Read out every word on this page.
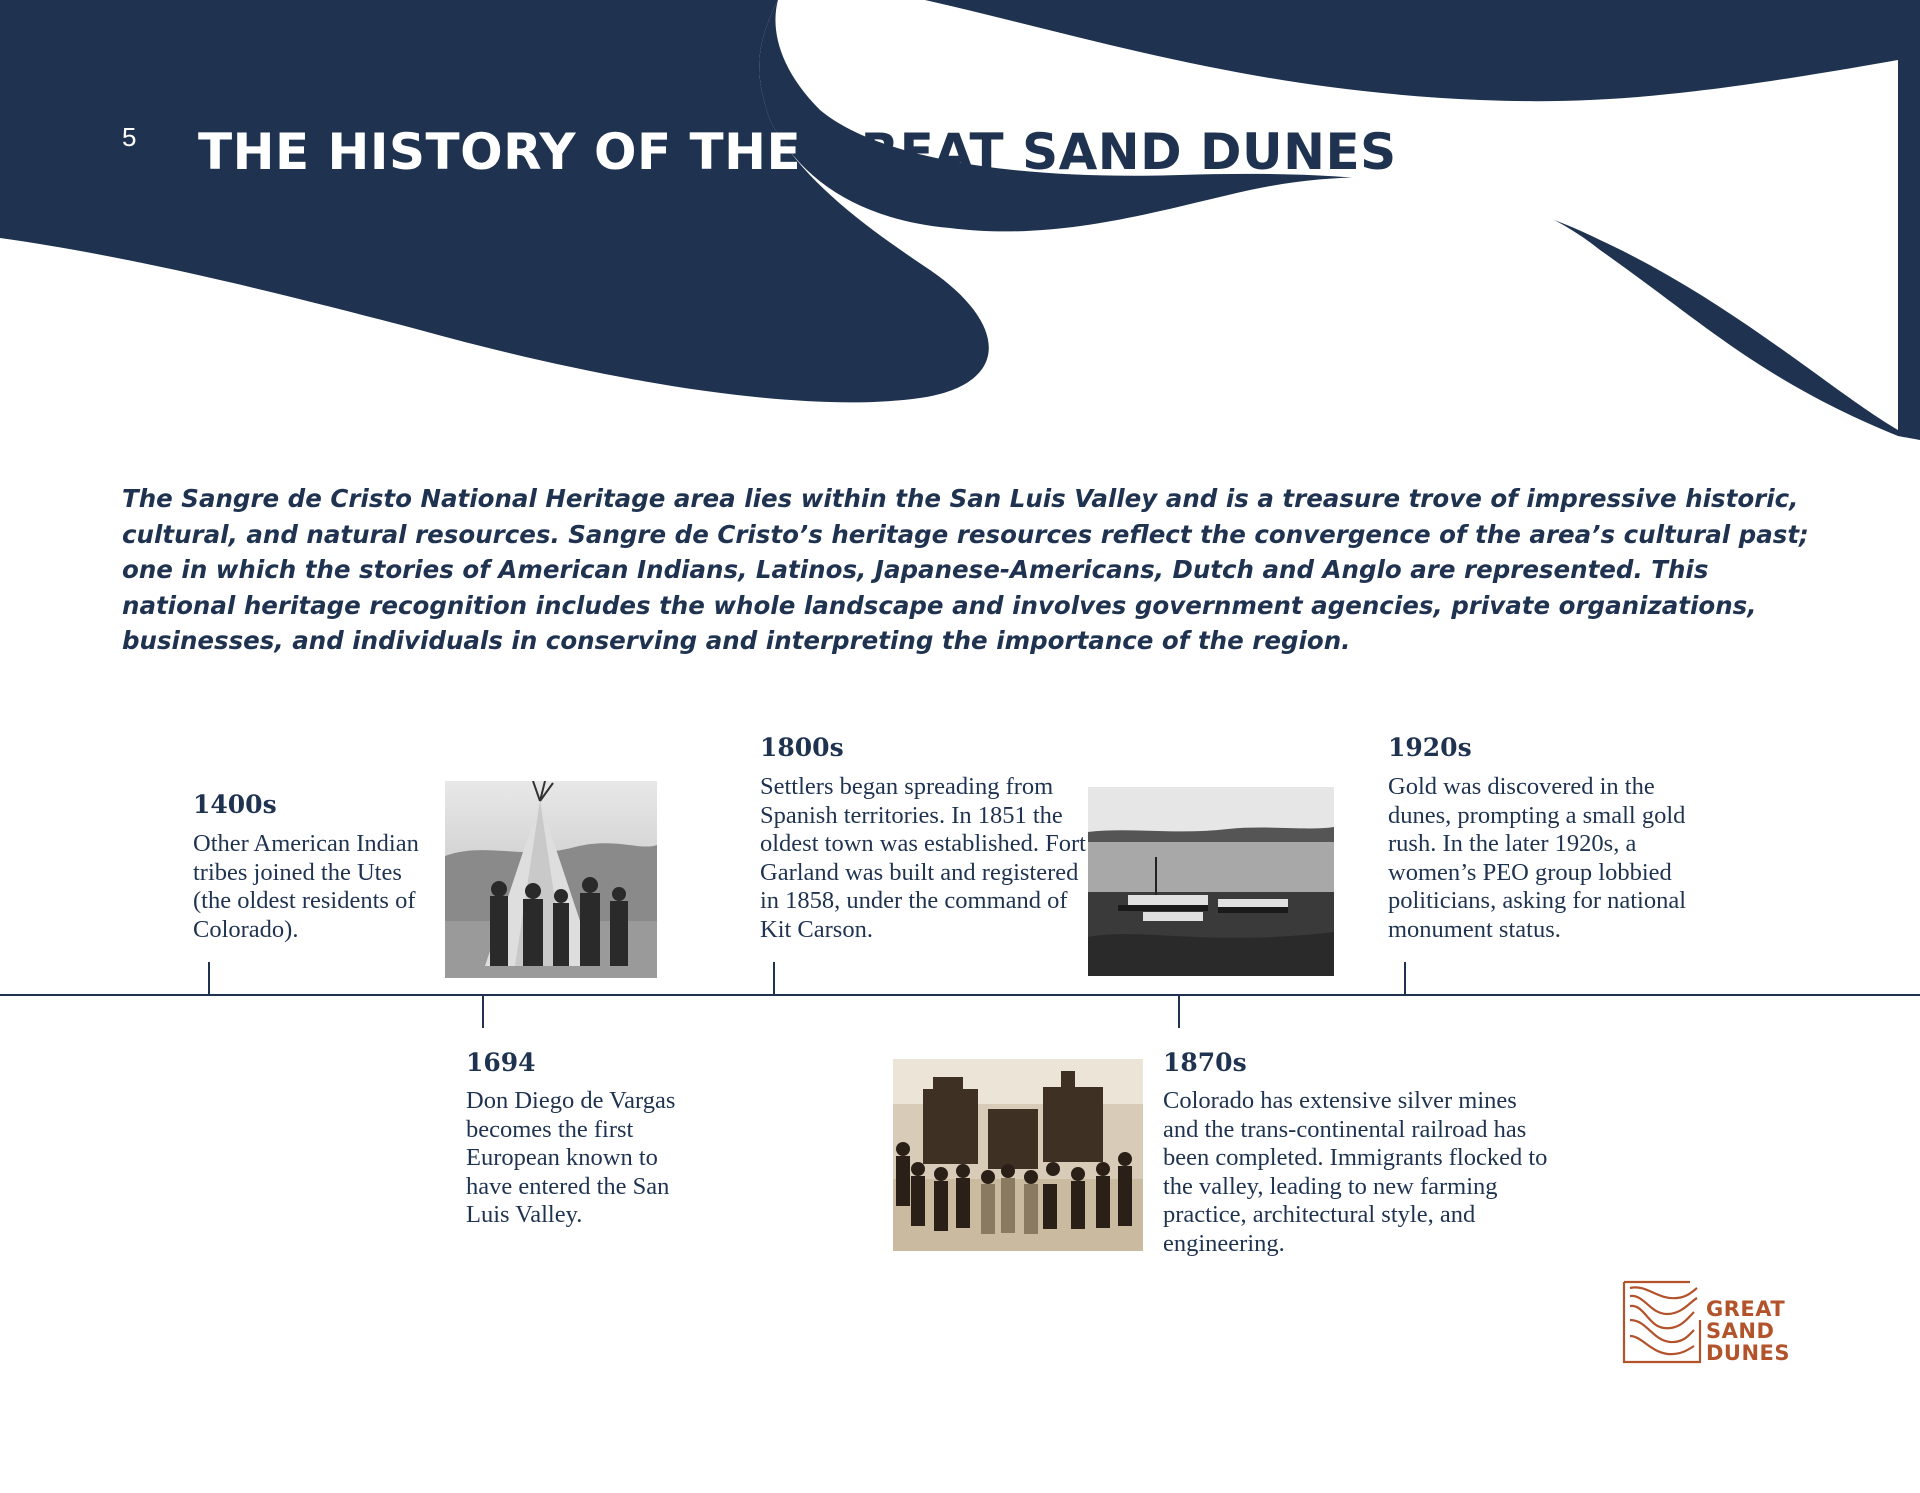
5 THE HISTORY OF THE GREAT SAND DUNES
The Sangre de Cristo National Heritage area lies within the San Luis Valley and is a treasure trove of impressive historic, cultural, and natural resources. Sangre de Cristo’s heritage resources reflect the convergence of the area’s cultural past; one in which the stories of American Indians, Latinos, Japanese-Americans, Dutch and Anglo are represented. This national heritage recognition includes the whole landscape and involves government agencies, private organizations, businesses, and individuals in conserving and interpreting the importance of the region.
1400s
Other American Indian tribes joined the Utes (the oldest residents of Colorado).
1694
Don Diego de Vargas becomes the first European known to have entered the San Luis Valley.
1800s
Settlers began spreading from Spanish territories. In 1851 the oldest town was established. Fort Garland was built and registered in 1858, under the command of Kit Carson.
1870s
Colorado has extensive silver mines and the trans-continental railroad has been completed. Immigrants flocked to the valley, leading to new farming practice, architectural style, and engineering.
1920s
Gold was discovered in the dunes, prompting a small gold rush. In the later 1920s, a women’s PEO group lobbied politicians, asking for national monument status.
GREAT
SAND
DUNES
